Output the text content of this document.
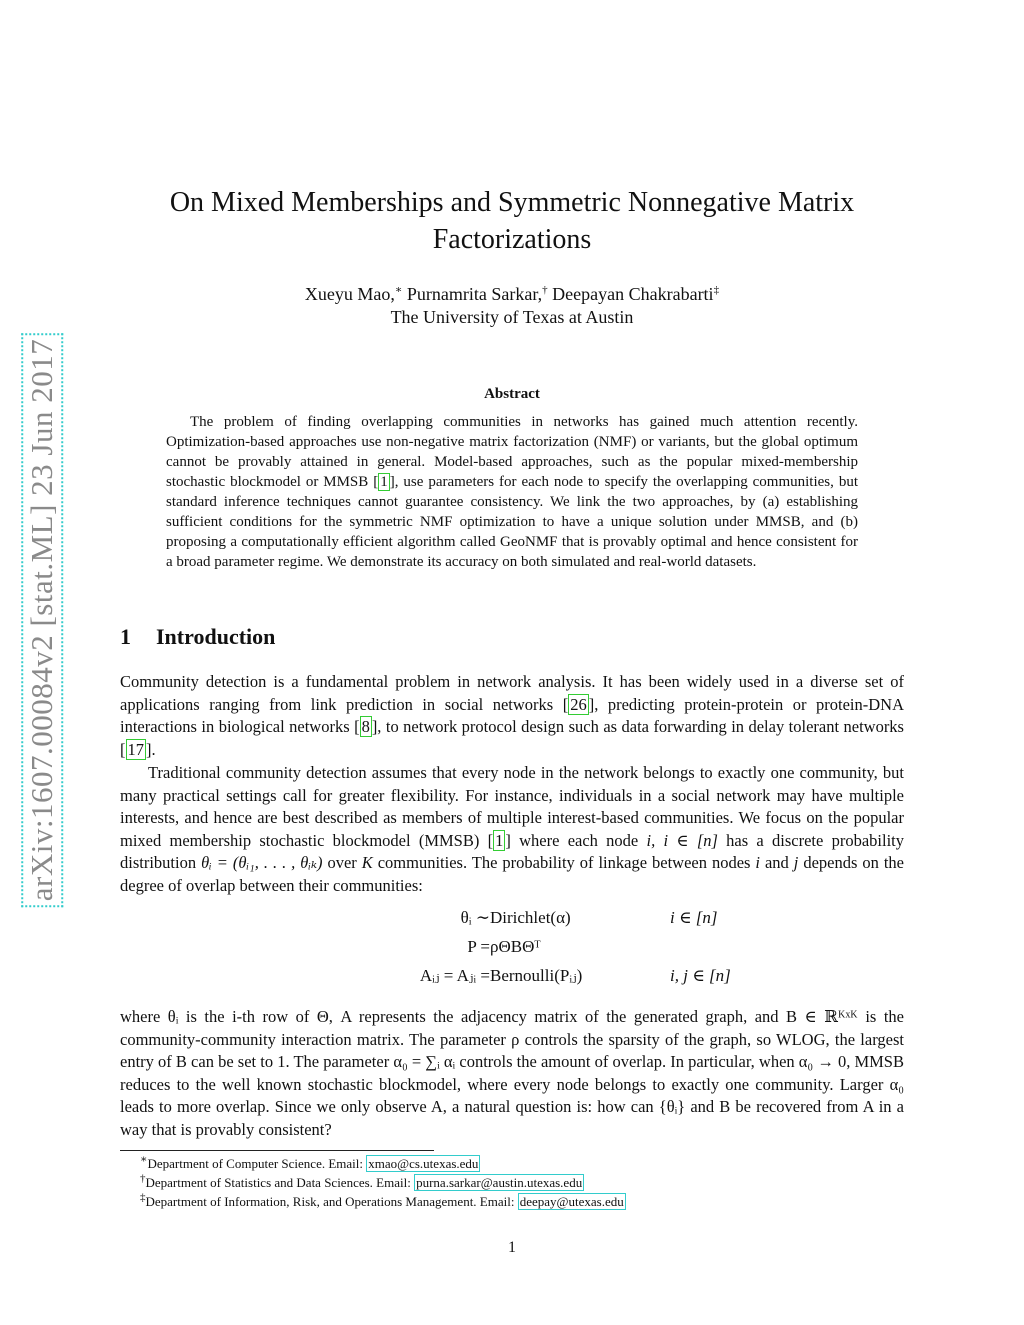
arXiv:1607.00084v2 [stat.ML] 23 Jun 2017
On Mixed Memberships and Symmetric Nonnegative Matrix Factorizations
Xueyu Mao,∗ Purnamrita Sarkar,† Deepayan Chakrabarti‡
The University of Texas at Austin
Abstract

The problem of finding overlapping communities in networks has gained much attention recently. Optimization-based approaches use non-negative matrix factorization (NMF) or variants, but the global optimum cannot be provably attained in general. Model-based approaches, such as the popular mixed-membership stochastic blockmodel or MMSB [ 1 ], use parameters for each node to specify the overlapping communities, but standard inference techniques cannot guarantee consistency. We link the two approaches, by (a) establishing sufficient conditions for the symmetric NMF optimization to have a unique solution under MMSB, and (b) proposing a computationally efficient algorithm called GeoNMF that is provably optimal and hence consistent for a broad parameter regime. We demonstrate its accuracy on both simulated and real-world datasets.

1 Introduction

Community detection is a fundamental problem in network analysis. It has been widely used in a diverse set of applications ranging from link prediction in social networks [ 26 ], predicting protein-protein or protein-DNA interactions in biological networks [ 8 ], to network protocol design such as data forwarding in delay tolerant networks [ 17 ].

Traditional community detection assumes that every node in the network belongs to exactly one community, but many practical settings call for greater flexibility. For instance, individuals in a social network may have multiple interests, and hence are best described as members of multiple interest-based communities. We focus on the popular mixed membership stochastic blockmodel (MMSB) [ 1 ] where each node i, i ∈ [n] has a discrete probability distribution θᵢ = (θᵢ₁, . . . , θᵢₖ) over K communities. The probability of linkage between nodes i and j depends on the degree of overlap between their communities:

θᵢ ∼ Dirichlet(α)	i ∈ [n]
P = ρΘBΘᵀ
Aᵢⱼ = Aⱼᵢ = Bernoulli(Pᵢⱼ)	i, j ∈ [n]

where θᵢ is the i-th row of Θ, A represents the adjacency matrix of the generated graph, and B ∈ ℝᴷˣᴷ is the community-community interaction matrix. The parameter ρ controls the sparsity of the graph, so WLOG, the largest entry of B can be set to 1. The parameter α₀ = ∑ᵢ αᵢ controls the amount of overlap. In particular, when α₀ → 0, MMSB reduces to the well known stochastic blockmodel, where every node belongs to exactly one community. Larger α₀ leads to more overlap. Since we only observe A, a natural question is: how can {θᵢ} and B be recovered from A in a way that is provably consistent?

∗Department of Computer Science. Email: xmao@cs.utexas.edu
†Department of Statistics and Data Sciences. Email: purna.sarkar@austin.utexas.edu
‡Department of Information, Risk, and Operations Management. Email: deepay@utexas.edu
1
